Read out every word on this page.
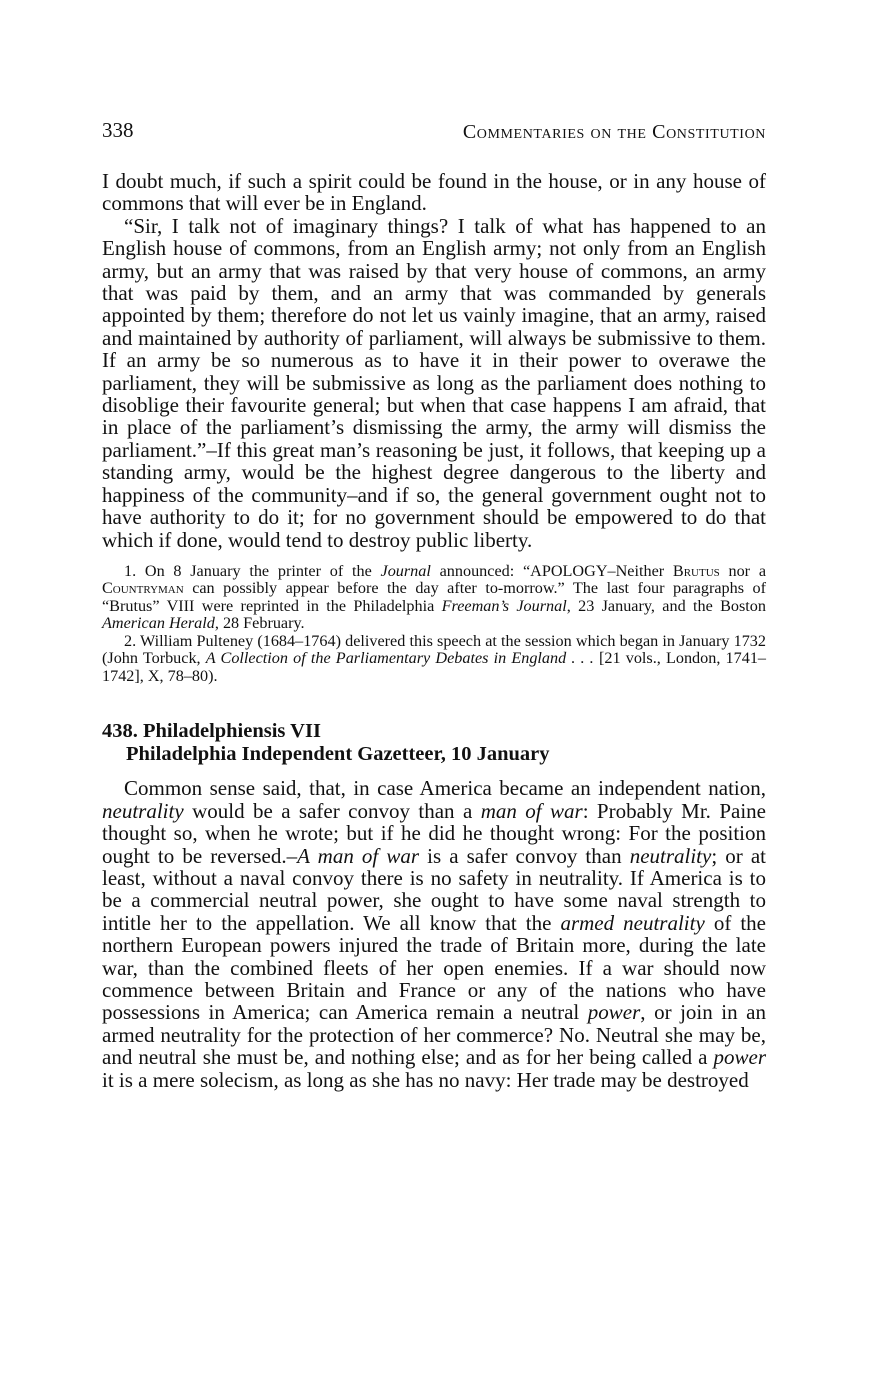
338	Commentaries on the Constitution

I doubt much, if such a spirit could be found in the house, or in any house of commons that will ever be in England.

“Sir, I talk not of imaginary things? I talk of what has happened to an English house of commons, from an English army; not only from an English army, but an army that was raised by that very house of commons, an army that was paid by them, and an army that was commanded by generals appointed by them; therefore do not let us vainly imagine, that an army, raised and maintained by authority of parliament, will always be submissive to them. If an army be so numerous as to have it in their power to overawe the parliament, they will be submissive as long as the parliament does nothing to disoblige their favourite general; but when that case happens I am afraid, that in place of the parliament’s dismissing the army, the army will dismiss the parliament.”–If this great man’s reasoning be just, it follows, that keeping up a standing army, would be the highest degree dangerous to the liberty and happiness of the community–and if so, the general government ought not to have authority to do it; for no government should be empowered to do that which if done, would tend to destroy public liberty.

1. On 8 January the printer of the Journal announced: “APOLOGY–Neither Brutus nor a Countryman can possibly appear before the day after to-morrow.” The last four paragraphs of “Brutus” VIII were reprinted in the Philadelphia Freeman’s Journal, 23 January, and the Boston American Herald, 28 February.

2. William Pulteney (1684–1764) delivered this speech at the session which began in January 1732 (John Torbuck, A Collection of the Parliamentary Debates in England . . . [21 vols., London, 1741–1742], X, 78–80).

438. Philadelphiensis VII
Philadelphia Independent Gazetteer, 10 January

Common sense said, that, in case America became an independent nation, neutrality would be a safer convoy than a man of war: Probably Mr. Paine thought so, when he wrote; but if he did he thought wrong: For the position ought to be reversed.–A man of war is a safer convoy than neutrality; or at least, without a naval convoy there is no safety in neutrality. If America is to be a commercial neutral power, she ought to have some naval strength to intitle her to the appellation. We all know that the armed neutrality of the northern European powers injured the trade of Britain more, during the late war, than the combined fleets of her open enemies. If a war should now commence between Britain and France or any of the nations who have possessions in America; can America remain a neutral power, or join in an armed neutrality for the protection of her commerce? No. Neutral she may be, and neutral she must be, and nothing else; and as for her being called a power it is a mere solecism, as long as she has no navy: Her trade may be destroyed
